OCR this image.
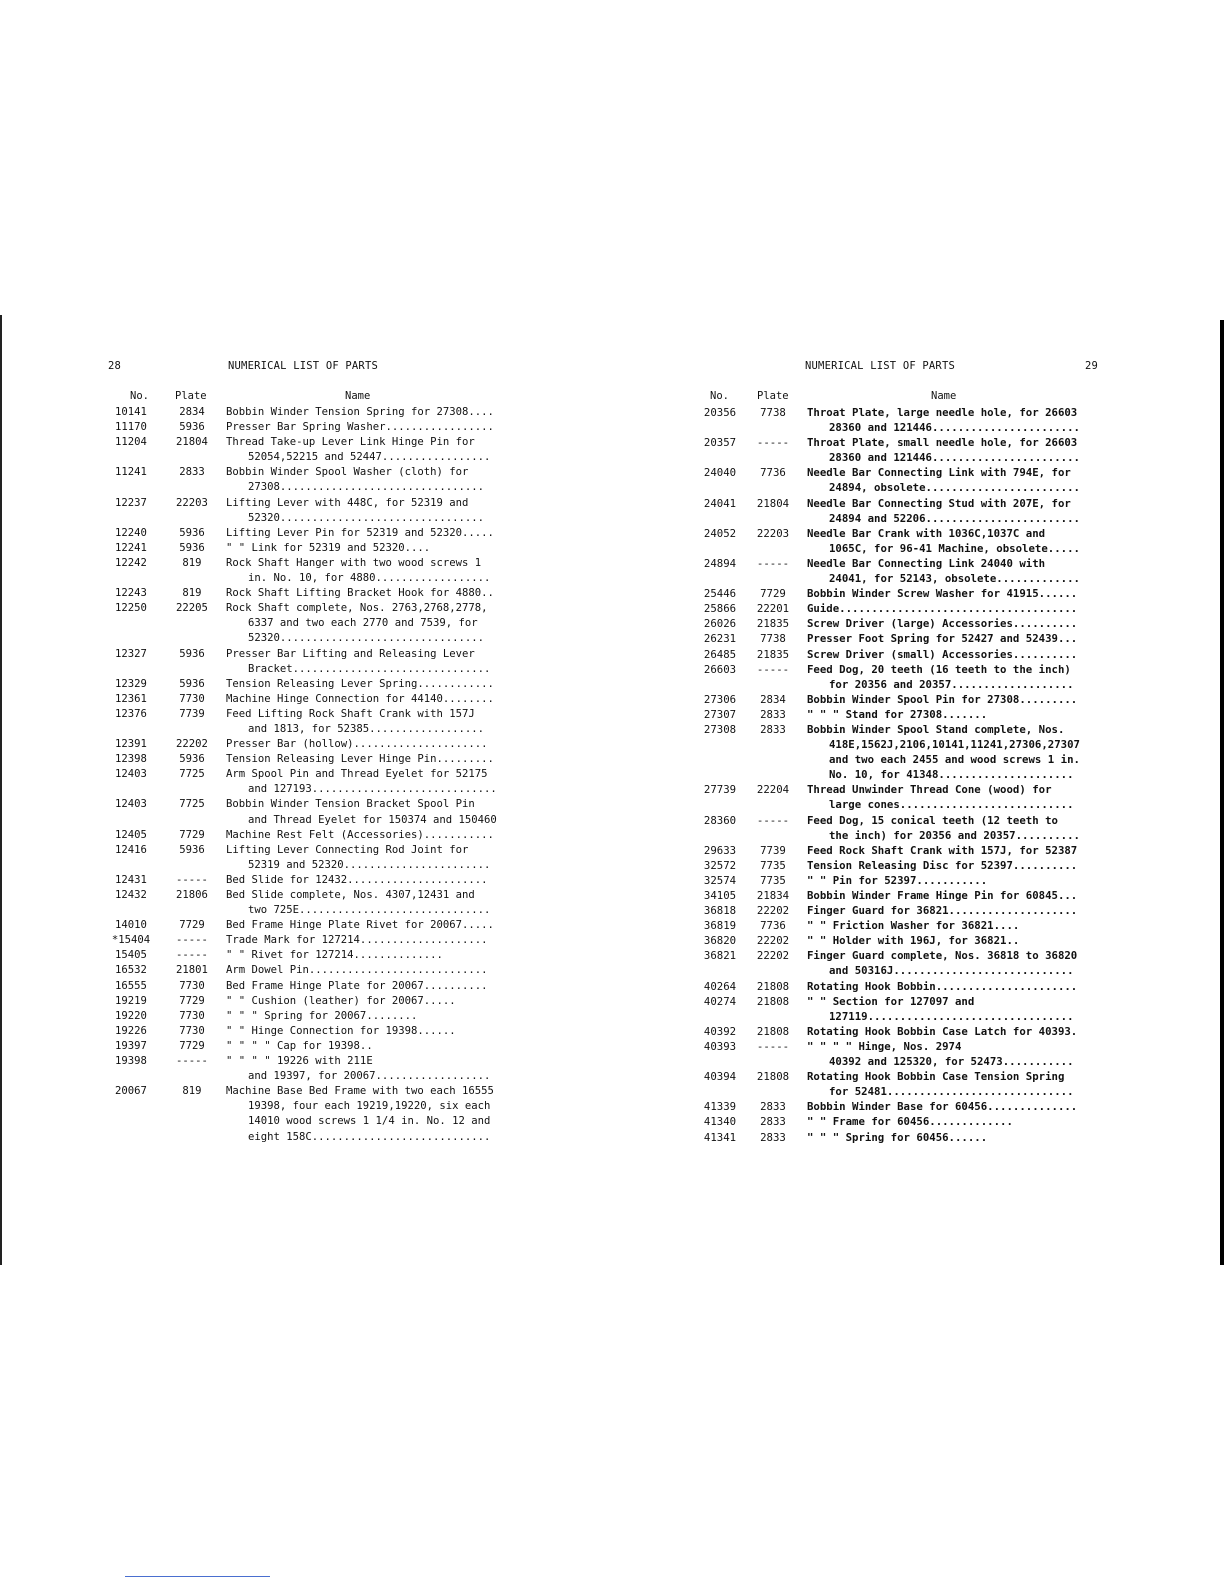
28	NUMERICAL LIST OF PARTS
No. Plate	Name
10141	2834	Bobbin Winder Tension Spring for 27308....
11170	5936	Presser Bar Spring Washer.................
11204	21804	Thread Take-up Lever Link Hinge Pin for
52054,52215 and 52447.................
11241	2833	Bobbin Winder Spool Washer (cloth) for
27308................................
12237	22203	Lifting Lever with 448C, for 52319 and
52320................................
12240	5936	Lifting Lever Pin for 52319 and 52320.....
12241	5936	" " Link for 52319 and 52320....
12242	819	Rock Shaft Hanger with two wood screws 1
in. No. 10, for 4880..................
12243	819	Rock Shaft Lifting Bracket Hook for 4880..
12250	22205	Rock Shaft complete, Nos. 2763,2768,2778,
6337 and two each 2770 and 7539, for
52320................................
12327	5936	Presser Bar Lifting and Releasing Lever
Bracket...............................
12329	5936	Tension Releasing Lever Spring............
12361	7730	Machine Hinge Connection for 44140........
12376	7739	Feed Lifting Rock Shaft Crank with 157J
and 1813, for 52385..................
12391	22202	Presser Bar (hollow).....................
12398	5936	Tension Releasing Lever Hinge Pin.........
12403	7725	Arm Spool Pin and Thread Eyelet for 52175
and 127193.............................
12403	7725	Bobbin Winder Tension Bracket Spool Pin
and Thread Eyelet for 150374 and 150460
12405	7729	Machine Rest Felt (Accessories)...........
12416	5936	Lifting Lever Connecting Rod Joint for
52319 and 52320.......................
12431	-----	Bed Slide for 12432......................
12432	21806	Bed Slide complete, Nos. 4307,12431 and
two 725E..............................
14010	7729	Bed Frame Hinge Plate Rivet for 20067.....
*15404	-----	Trade Mark for 127214....................
15405	-----	" " Rivet for 127214..............
16532	21801	Arm Dowel Pin............................
16555	7730	Bed Frame Hinge Plate for 20067..........
19219	7729	" " Cushion (leather) for 20067.....
19220	7730	" " " Spring for 20067........
19226	7730	" " Hinge Connection for 19398......
19397	7729	" " " " Cap for 19398..
19398	-----	" " " " 19226 with 211E
and 19397, for 20067..................
20067	819	Machine Base Bed Frame with two each 16555
19398, four each 19219,19220, six each
14010 wood screws 1 1/4 in. No. 12 and
eight 158C............................
NUMERICAL LIST OF PARTS	29
No.	Plate	Name
20356	7738	Throat Plate, large needle hole, for 26603
28360 and 121446.......................
20357	-----	Throat Plate, small needle hole, for 26603
28360 and 121446.......................
24040	7736	Needle Bar Connecting Link with 794E, for
24894, obsolete........................
24041	21804	Needle Bar Connecting Stud with 207E, for
24894 and 52206........................
24052	22203	Needle Bar Crank with 1036C,1037C and
1065C, for 96-41 Machine, obsolete.....
24894	-----	Needle Bar Connecting Link 24040 with
24041, for 52143, obsolete.............
25446	7729	Bobbin Winder Screw Washer for 41915......
25866	22201	Guide.....................................
26026	21835	Screw Driver (large) Accessories..........
26231	7738	Presser Foot Spring for 52427 and 52439...
26485	21835	Screw Driver (small) Accessories..........
26603	-----	Feed Dog, 20 teeth (16 teeth to the inch)
for 20356 and 20357...................
27306	2834	Bobbin Winder Spool Pin for 27308.........
27307	2833	" " " Stand for 27308.......
27308	2833	Bobbin Winder Spool Stand complete, Nos.
418E,1562J,2106,10141,11241,27306,27307
and two each 2455 and wood screws 1 in.
No. 10, for 41348.....................
27739	22204	Thread Unwinder Thread Cone (wood) for
large cones...........................
28360	-----	Feed Dog, 15 conical teeth (12 teeth to
the inch) for 20356 and 20357..........
29633	7739	Feed Rock Shaft Crank with 157J, for 52387
32572	7735	Tension Releasing Disc for 52397..........
32574	7735	" " Pin for 52397...........
34105	21834	Bobbin Winder Frame Hinge Pin for 60845...
36818	22202	Finger Guard for 36821....................
36819	7736	" " Friction Washer for 36821....
36820	22202	" " Holder with 196J, for 36821..
36821	22202	Finger Guard complete, Nos. 36818 to 36820
and 50316J............................
40264	21808	Rotating Hook Bobbin......................
40274	21808	" " Section for 127097 and
127119................................
40392	21808	Rotating Hook Bobbin Case Latch for 40393.
40393	-----	" " " " Hinge, Nos. 2974
40392 and 125320, for 52473...........
40394	21808	Rotating Hook Bobbin Case Tension Spring
for 52481.............................
41339	2833	Bobbin Winder Base for 60456..............
41340	2833	" " Frame for 60456.............
41341	2833	" " " Spring for 60456......
